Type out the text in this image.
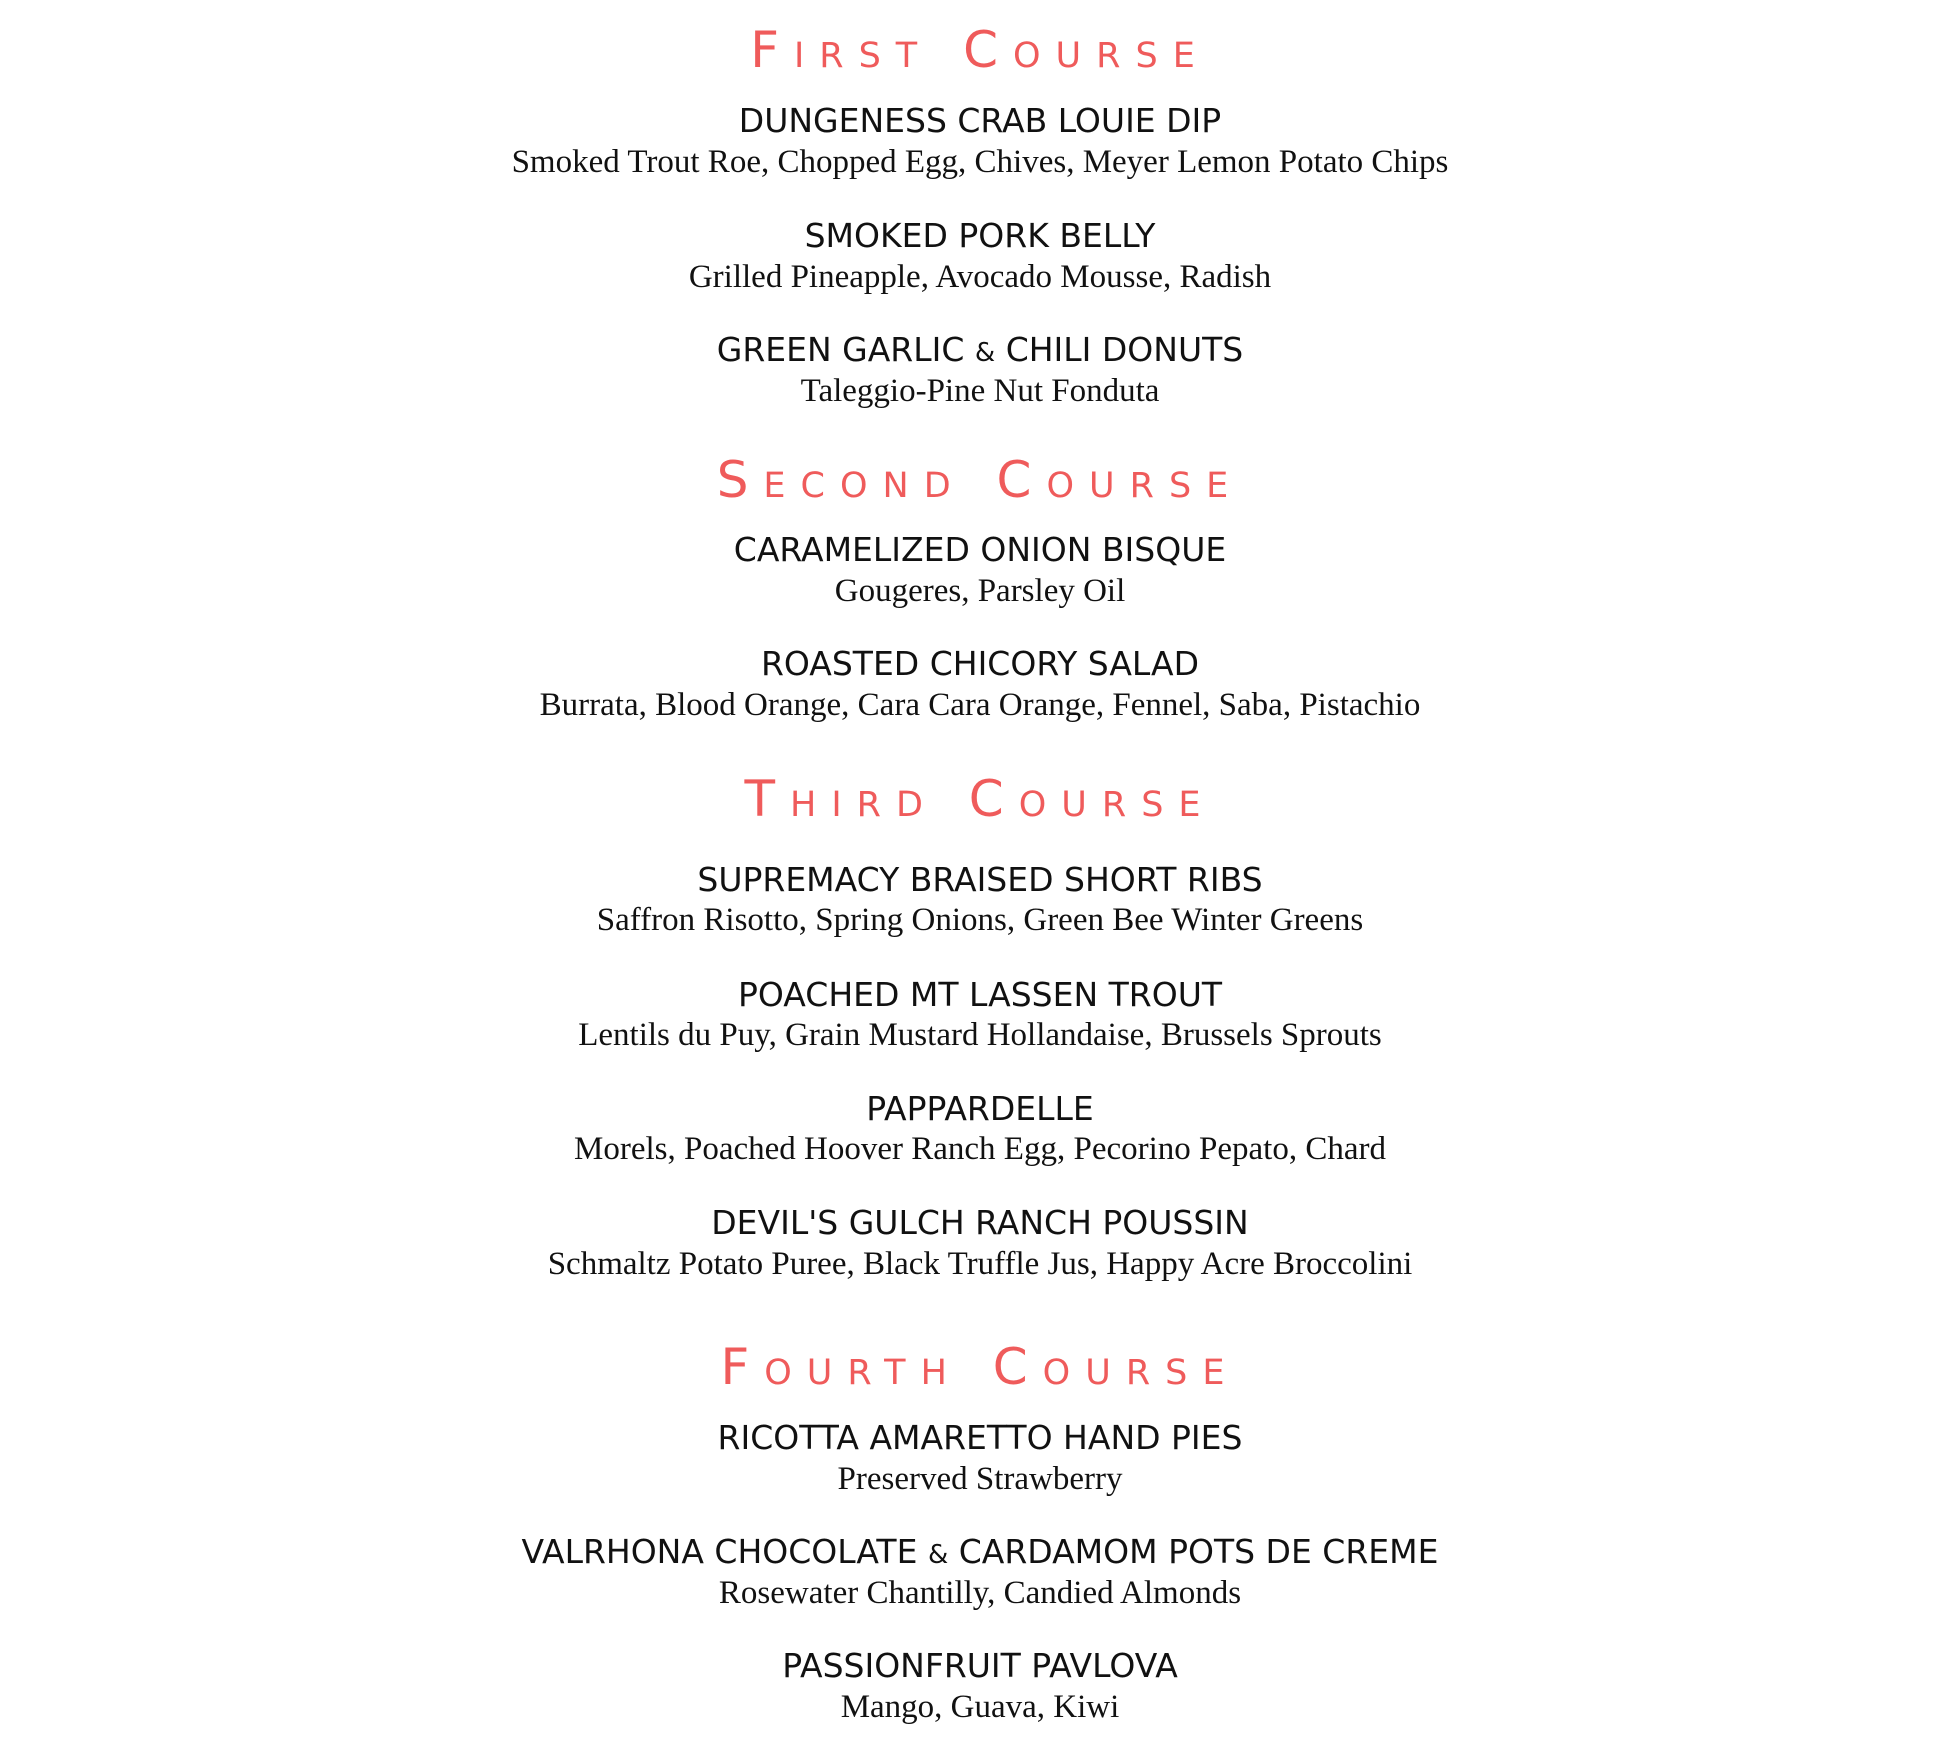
First Course
DUNGENESS CRAB LOUIE DIP
Smoked Trout Roe, Chopped Egg, Chives, Meyer Lemon Potato Chips
SMOKED PORK BELLY
Grilled Pineapple, Avocado Mousse, Radish
GREEN GARLIC & CHILI DONUTS
Taleggio-Pine Nut Fonduta
Second Course
CARAMELIZED ONION BISQUE
Gougeres, Parsley Oil
ROASTED CHICORY SALAD
Burrata, Blood Orange, Cara Cara Orange, Fennel, Saba, Pistachio
Third Course
SUPREMACY BRAISED SHORT RIBS
Saffron Risotto, Spring Onions, Green Bee Winter Greens
POACHED MT LASSEN TROUT
Lentils du Puy, Grain Mustard Hollandaise, Brussels Sprouts
PAPPARDELLE
Morels, Poached Hoover Ranch Egg, Pecorino Pepato, Chard
DEVIL'S GULCH RANCH POUSSIN
Schmaltz Potato Puree, Black Truffle Jus, Happy Acre Broccolini
Fourth Course
RICOTTA AMARETTO HAND PIES
Preserved Strawberry
VALRHONA CHOCOLATE & CARDAMOM POTS DE CREME
Rosewater Chantilly, Candied Almonds
PASSIONFRUIT PAVLOVA
Mango, Guava, Kiwi
